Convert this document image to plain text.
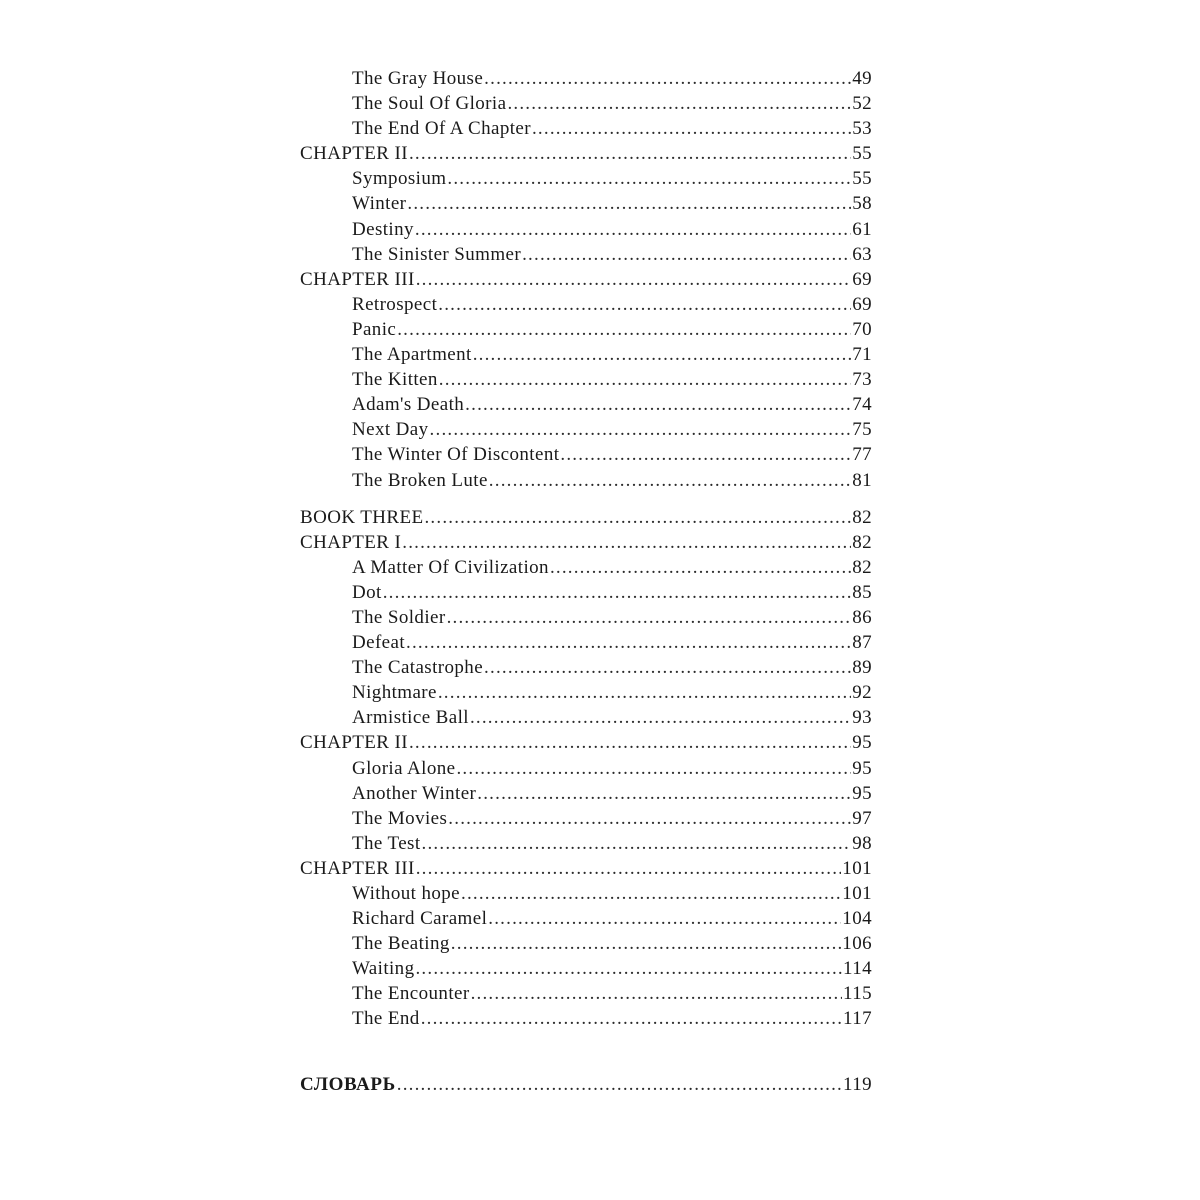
The Gray House .....	49
The Soul Of Gloria .....	52
The End Of A Chapter .....	53
CHAPTER II .....	55
Symposium .....	55
Winter .....	58
Destiny .....	61
The Sinister Summer .....	63
CHAPTER III .....	69
Retrospect .....	69
Panic .....	70
The Apartment .....	71
The Kitten .....	73
Adam's Death .....	74
Next Day .....	75
The Winter Of Discontent .....	77
The Broken Lute .....	81
BOOK THREE .....	82
CHAPTER I .....	82
A Matter Of Civilization .....	82
Dot .....	85
The Soldier .....	86
Defeat .....	87
The Catastrophe .....	89
Nightmare .....	92
Armistice Ball .....	93
CHAPTER II .....	95
Gloria Alone .....	95
Another Winter .....	95
The Movies .....	97
The Test .....	98
CHAPTER III .....	101
Without hope .....	101
Richard Caramel .....	104
The Beating .....	106
Waiting .....	114
The Encounter .....	115
The End .....	117
СЛОВАРЬ .....	119
